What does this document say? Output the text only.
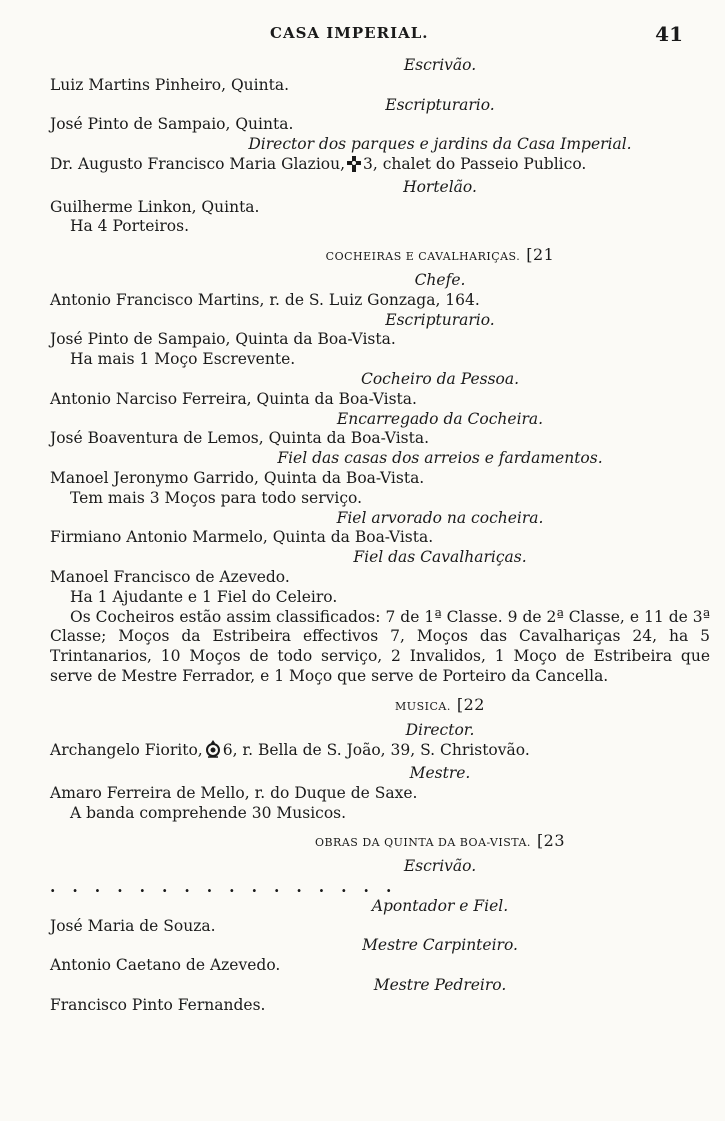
CASA IMPERIAL.	41
Escrivão.
Luiz Martins Pinheiro, Quinta.
Escripturario.
José Pinto de Sampaio, Quinta.
Director dos parques e jardins da Casa Imperial.
Dr. Augusto Francisco Maria Glaziou, 3, chalet do Passeio Publico.
Hortelão.
Guilherme Linkon, Quinta.
Ha 4 Porteiros.
COCHEIRAS E CAVALHARIÇAS. [21
Chefe.
Antonio Francisco Martins, r. de S. Luiz Gonzaga, 164.
Escripturario.
José Pinto de Sampaio, Quinta da Boa-Vista.
Ha mais 1 Moço Escrevente.
Cocheiro da Pessoa.
Antonio Narciso Ferreira, Quinta da Boa-Vista.
Encarregado da Cocheira.
José Boaventura de Lemos, Quinta da Boa-Vista.
Fiel das casas dos arreios e fardamentos.
Manoel Jeronymo Garrido, Quinta da Boa-Vista.
Tem mais 3 Moços para todo serviço.
Fiel arvorado na cocheira.
Firmiano Antonio Marmelo, Quinta da Boa-Vista.
Fiel das Cavalhariças.
Manoel Francisco de Azevedo.
Ha 1 Ajudante e 1 Fiel do Celeiro.
Os Cocheiros estão assim classificados: 7 de 1ª Classe. 9 de 2ª Classe, e 11 de 3ª Classe; Moços da Estribeira effectivos 7, Moços das Cavalhariças 24, ha 5 Trintanarios, 10 Moços de todo serviço, 2 Invalidos, 1 Moço de Estribeira que serve de Mestre Ferrador, e 1 Moço que serve de Porteiro da Cancella.
MUSICA. [22
Director.
Archangelo Fiorito, 6, r. Bella de S. João, 39, S. Christovão.
Mestre.
Amaro Ferreira de Mello, r. do Duque de Saxe.
A banda comprehende 30 Musicos.
OBRAS DA QUINTA DA BOA-VISTA. [23
Escrivão.
................
Apontador e Fiel.
José Maria de Souza.
Mestre Carpinteiro.
Antonio Caetano de Azevedo.
Mestre Pedreiro.
Francisco Pinto Fernandes.
